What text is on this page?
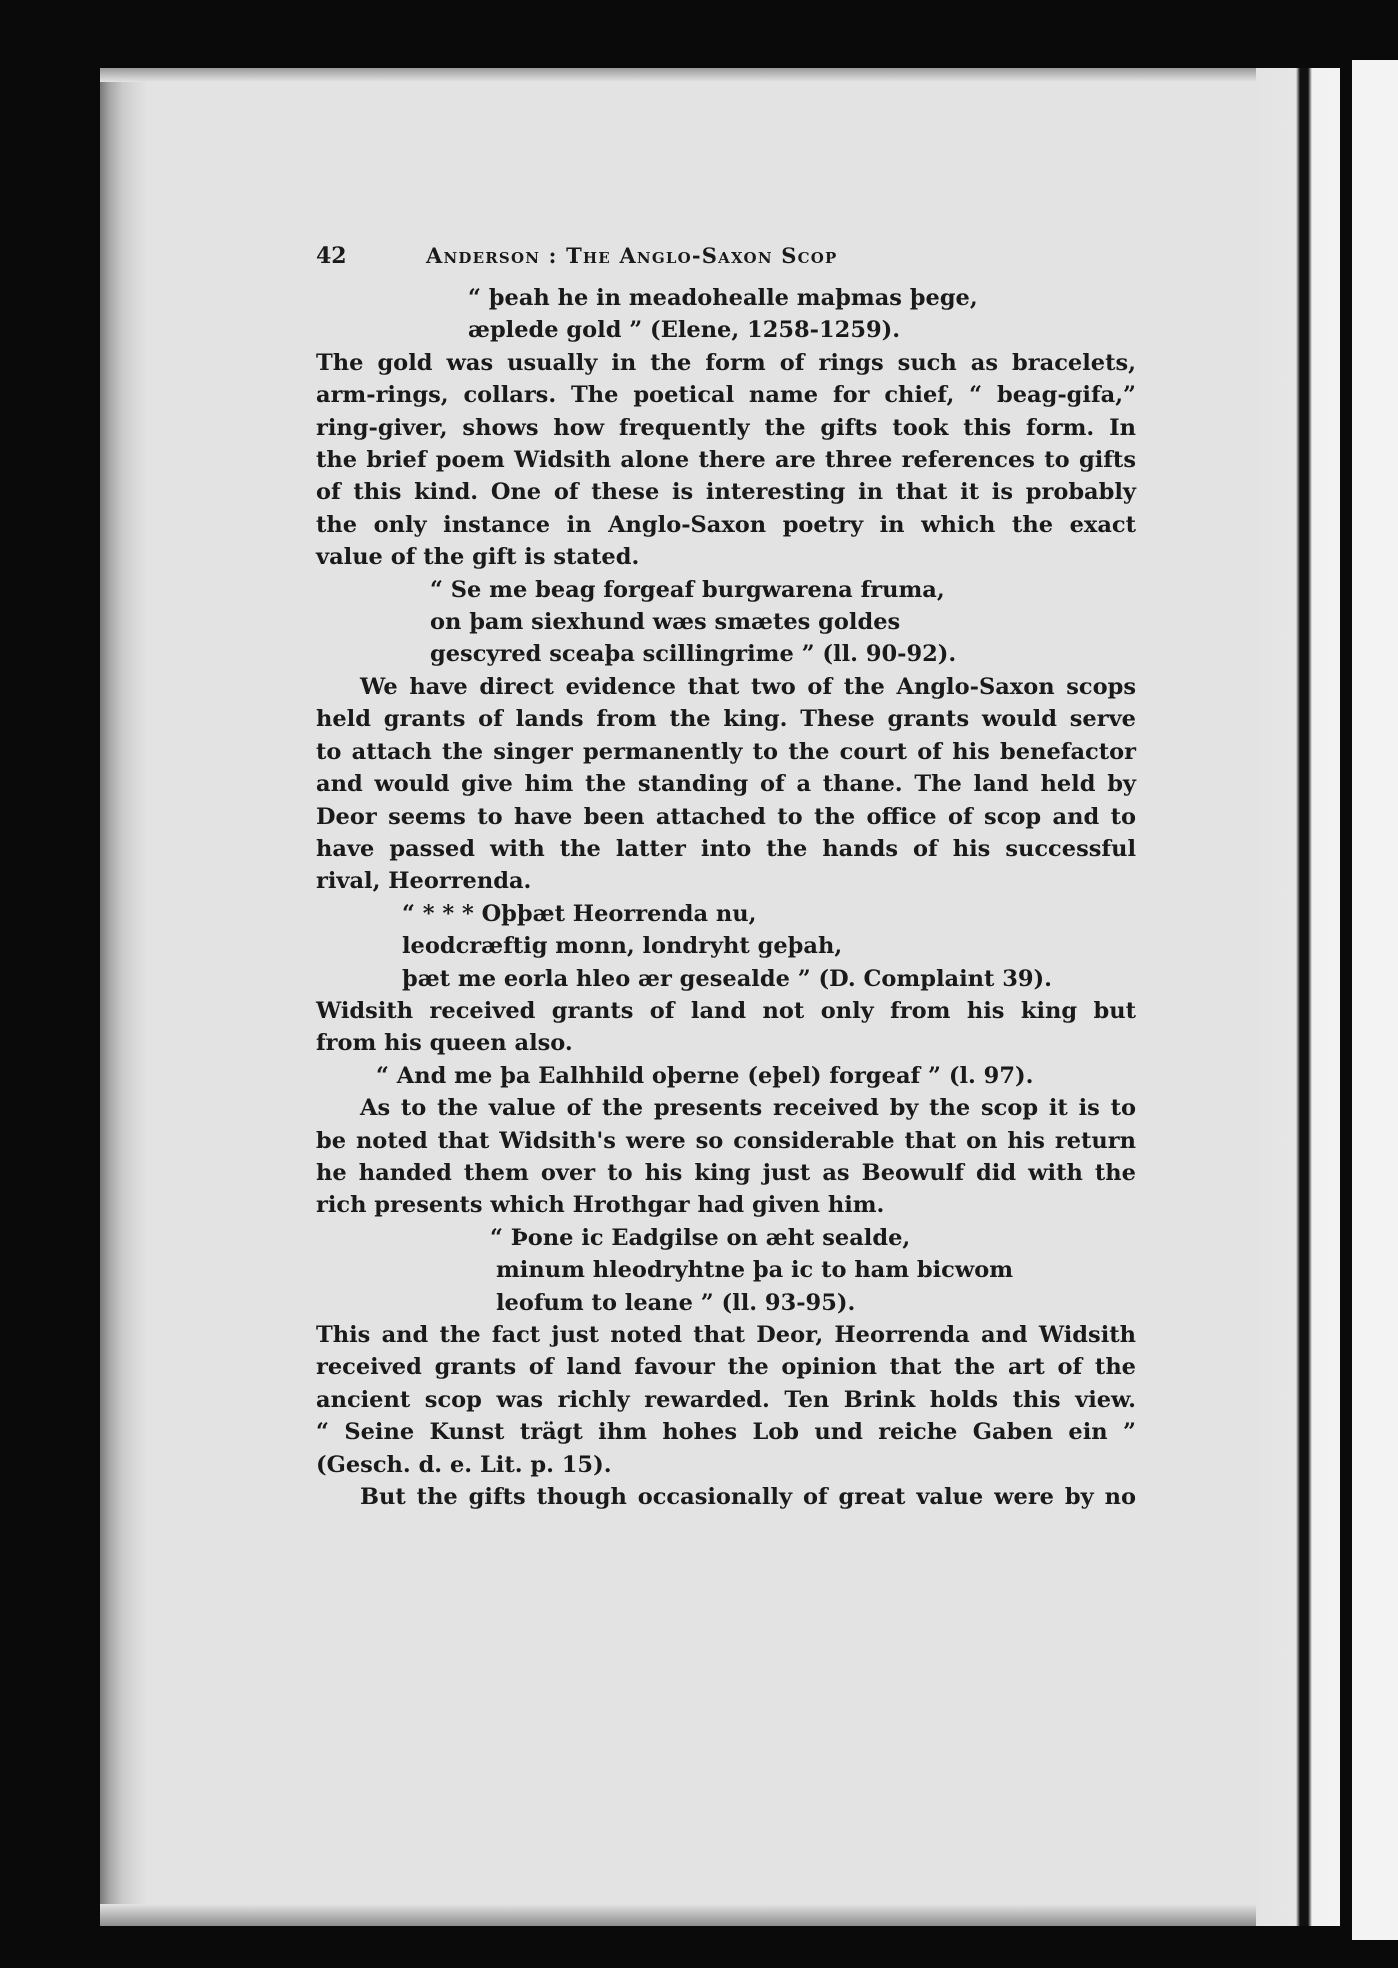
42	Anderson : The Anglo-Saxon Scop
“ þeah he in meadohealle maþmas þege,
æplede gold ” (Elene, 1258-1259).
The gold was usually in the form of rings such as bracelets,
arm-rings, collars. The poetical name for chief, “ beag-gifa,”
ring-giver, shows how frequently the gifts took this form. In
the brief poem Widsith alone there are three references to gifts
of this kind. One of these is interesting in that it is probably
the only instance in Anglo-Saxon poetry in which the exact
value of the gift is stated.
“ Se me beag forgeaf burgwarena fruma,
on þam siexhund wæs smætes goldes
gescyred sceaþa scillingrime ” (ll. 90-92).
We have direct evidence that two of the Anglo-Saxon scops
held grants of lands from the king. These grants would serve
to attach the singer permanently to the court of his benefactor
and would give him the standing of a thane. The land held by
Deor seems to have been attached to the office of scop and to
have passed with the latter into the hands of his successful
rival, Heorrenda.
“ * * * Oþþæt Heorrenda nu,
leodcræftig monn, londryht geþah,
þæt me eorla hleo ær gesealde ” (D. Complaint 39).
Widsith received grants of land not only from his king but
from his queen also.
“ And me þa Ealhhild oþerne (eþel) forgeaf ” (l. 97).
As to the value of the presents received by the scop it is to
be noted that Widsith's were so considerable that on his return
he handed them over to his king just as Beowulf did with the
rich presents which Hrothgar had given him.
“ Þone ic Eadgilse on æht sealde,
minum hleodryhtne þa ic to ham bicwom
leofum to leane ” (ll. 93-95).
This and the fact just noted that Deor, Heorrenda and Widsith
received grants of land favour the opinion that the art of the
ancient scop was richly rewarded. Ten Brink holds this view.
“ Seine Kunst trägt ihm hohes Lob und reiche Gaben ein ”
(Gesch. d. e. Lit. p. 15).
But the gifts though occasionally of great value were by no
